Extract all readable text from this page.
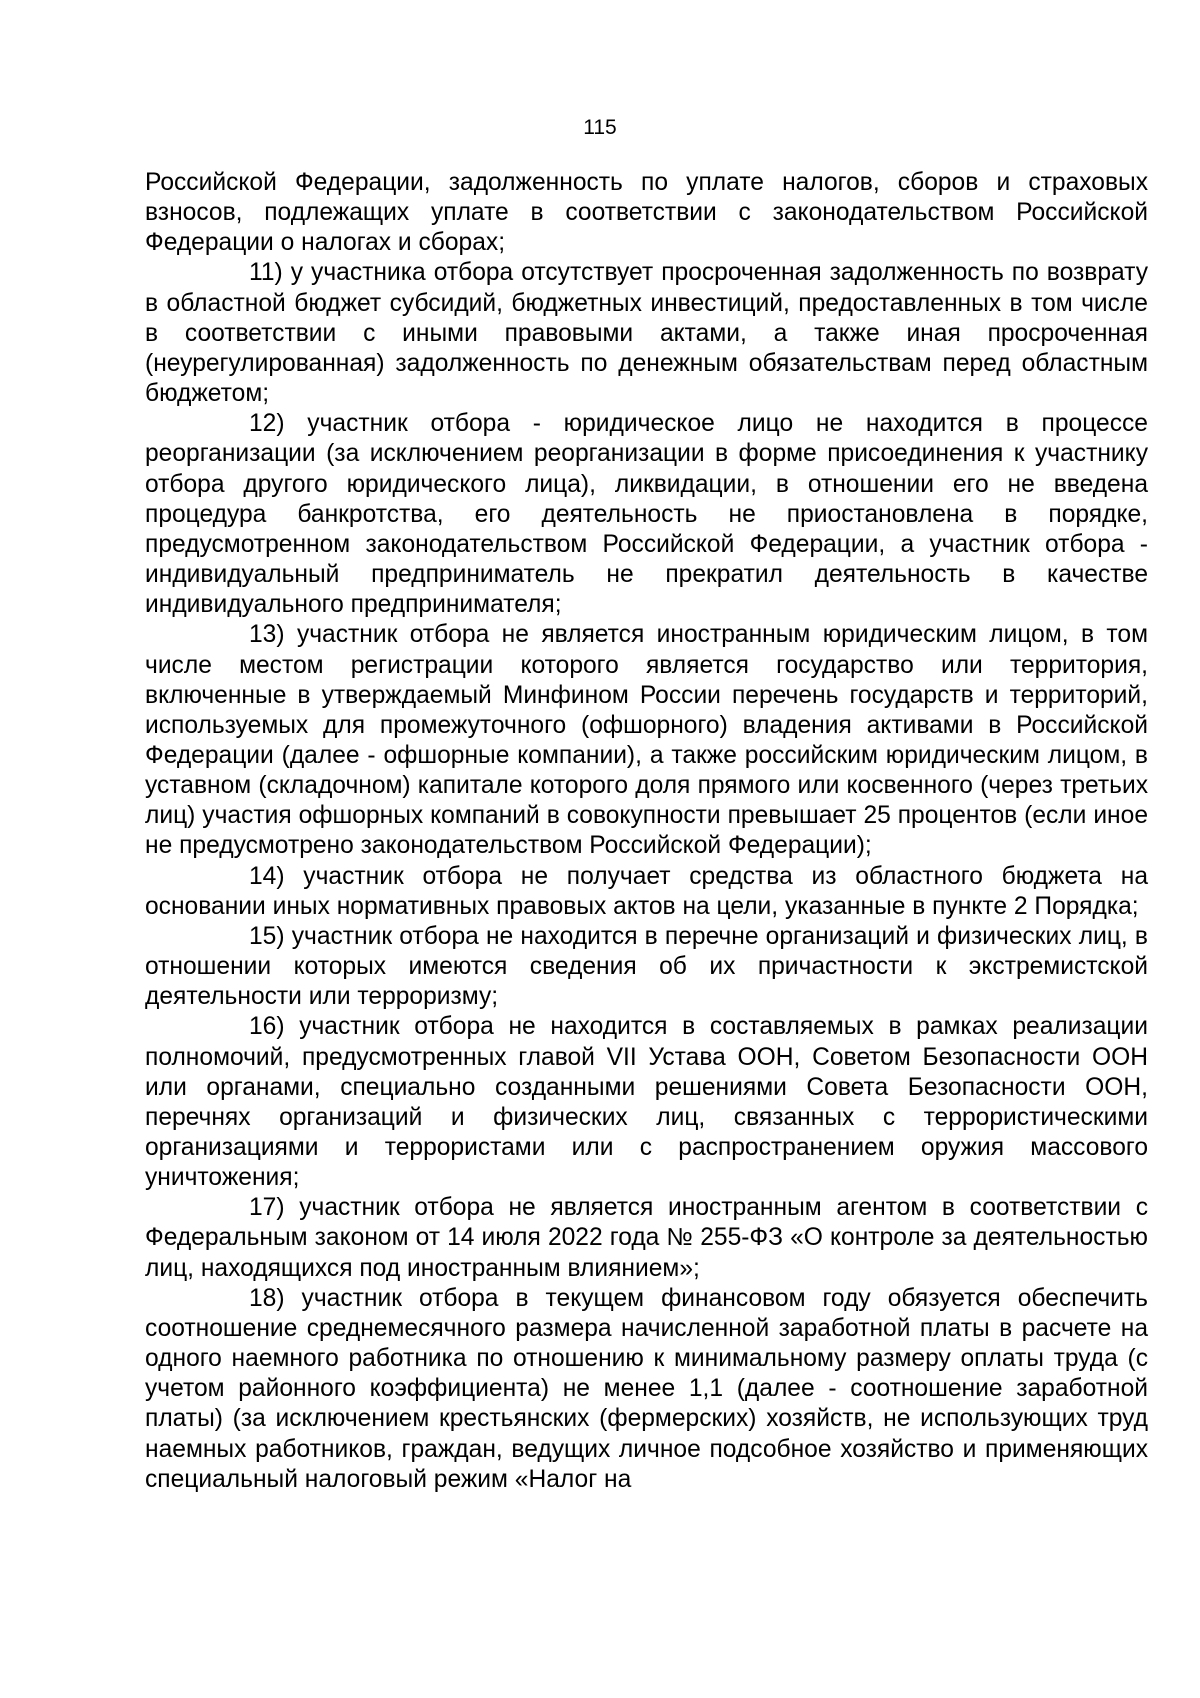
115

Российской Федерации, задолженность по уплате налогов, сборов и страховых взносов, подлежащих уплате в соответствии с законодательством Российской Федерации о налогах и сборах;

11) у участника отбора отсутствует просроченная задолженность по возврату в областной бюджет субсидий, бюджетных инвестиций, предоставленных в том числе в соответствии с иными правовыми актами, а также иная просроченная (неурегулированная) задолженность по денежным обязательствам перед областным бюджетом;

12) участник отбора - юридическое лицо не находится в процессе реорганизации (за исключением реорганизации в форме присоединения к участнику отбора другого юридического лица), ликвидации, в отношении его не введена процедура банкротства, его деятельность не приостановлена в порядке, предусмотренном законодательством Российской Федерации, а участник отбора - индивидуальный предприниматель не прекратил деятельность в качестве индивидуального предпринимателя;

13) участник отбора не является иностранным юридическим лицом, в том числе местом регистрации которого является государство или территория, включенные в утверждаемый Минфином России перечень государств и территорий, используемых для промежуточного (офшорного) владения активами в Российской Федерации (далее - офшорные компании), а также российским юридическим лицом, в уставном (складочном) капитале которого доля прямого или косвенного (через третьих лиц) участия офшорных компаний в совокупности превышает 25 процентов (если иное не предусмотрено законодательством Российской Федерации);

14) участник отбора не получает средства из областного бюджета на основании иных нормативных правовых актов на цели, указанные в пункте 2 Порядка;

15) участник отбора не находится в перечне организаций и физических лиц, в отношении которых имеются сведения об их причастности к экстремистской деятельности или терроризму;

16) участник отбора не находится в составляемых в рамках реализации полномочий, предусмотренных главой VII Устава ООН, Советом Безопасности ООН или органами, специально созданными решениями Совета Безопасности ООН, перечнях организаций и физических лиц, связанных с террористическими организациями и террористами или с распространением оружия массового уничтожения;

17) участник отбора не является иностранным агентом в соответствии с Федеральным законом от 14 июля 2022 года № 255-ФЗ «О контроле за деятельностью лиц, находящихся под иностранным влиянием»;

18) участник отбора в текущем финансовом году обязуется обеспечить соотношение среднемесячного размера начисленной заработной платы в расчете на одного наемного работника по отношению к минимальному размеру оплаты труда (с учетом районного коэффициента) не менее 1,1 (далее - соотношение заработной платы) (за исключением крестьянских (фермерских) хозяйств, не использующих труд наемных работников, граждан, ведущих личное подсобное хозяйство и применяющих специальный налоговый режим «Налог на
